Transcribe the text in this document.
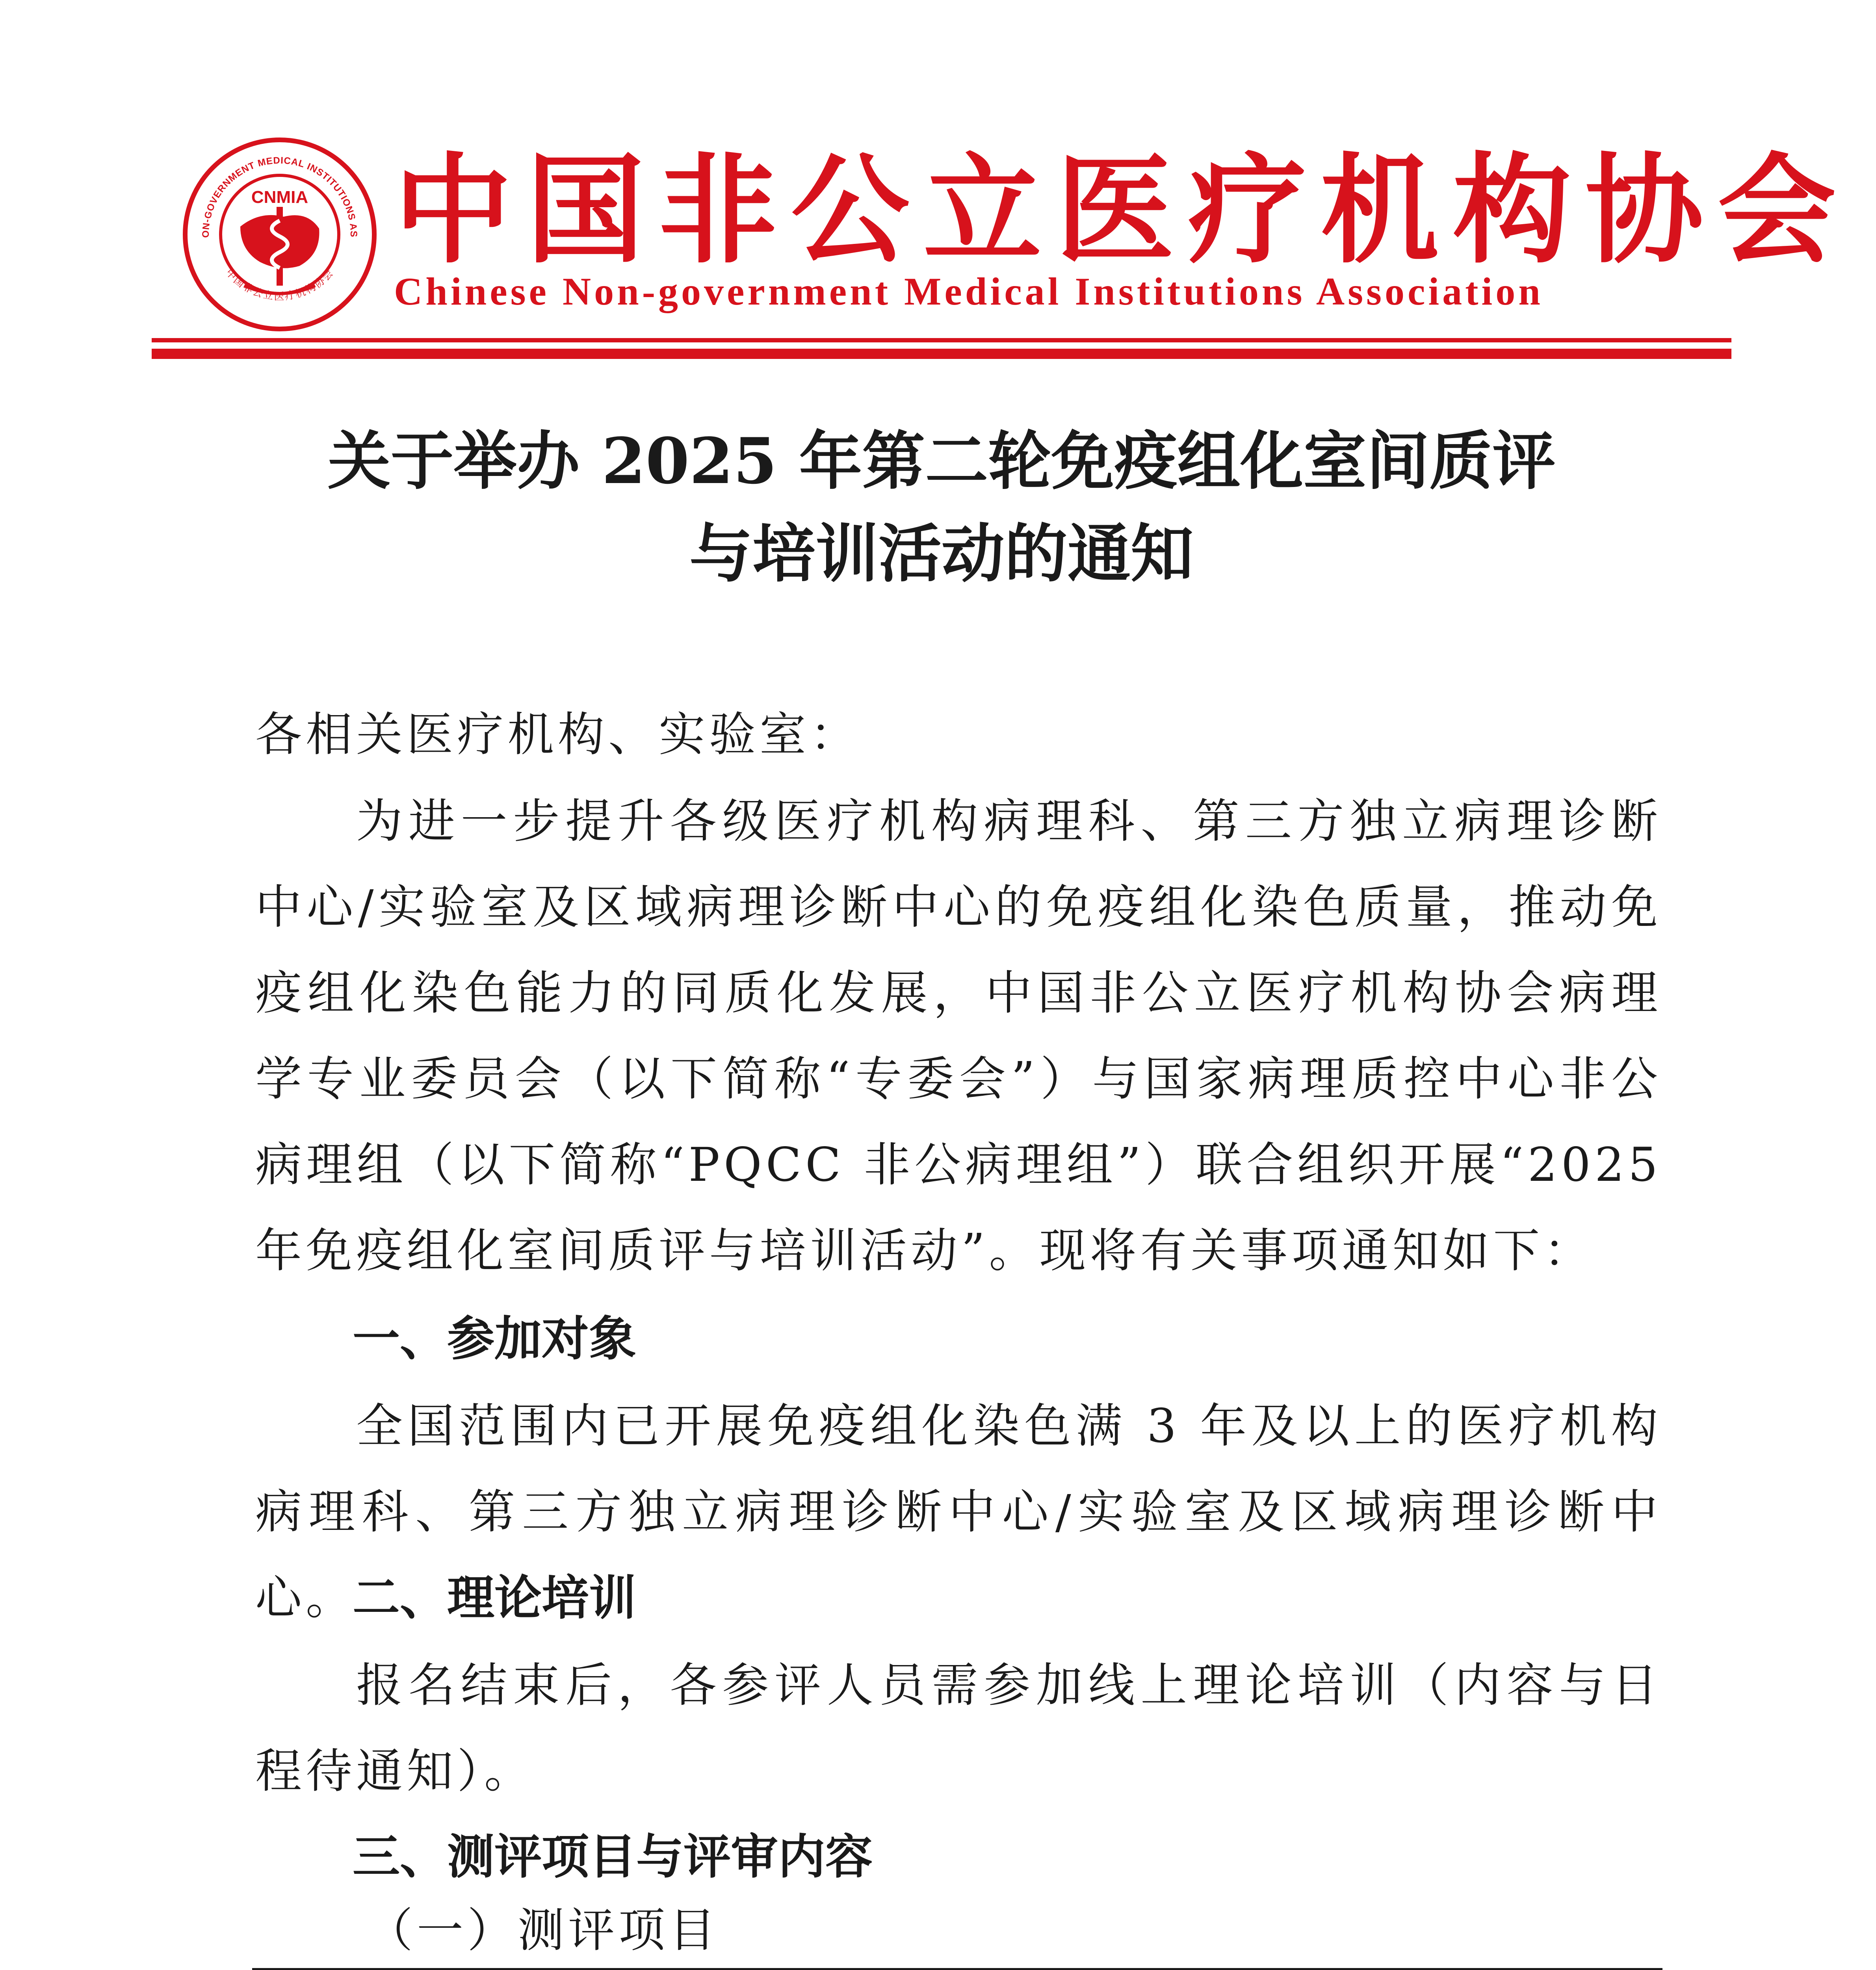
ON-GOVERNMENT MEDICAL INSTITUTIONS AS
中国非公立医疗机构协会
CNMIA 中国非公立医疗机构协会
Chinese Non-government Medical Institutions Association
关于举办 2025 年第二轮免疫组化室间质评
与培训活动的通知

各相关医疗机构、实验室：

为进一步提升各级医疗机构病理科、第三方独立病理诊断中心/实验室及区域病理诊断中心的免疫组化染色质量，推动免疫组化染色能力的同质化发展，中国非公立医疗机构协会病理学专业委员会（以下简称“专委会”）与国家病理质控中心非公病理组（以下简称“PQCC 非公病理组”）联合组织开展“2025 年免疫组化室间质评与培训活动”。现将有关事项通知如下：

一、参加对象

全国范围内已开展免疫组化染色满 3 年及以上的医疗机构病理科、第三方独立病理诊断中心/实验室及区域病理诊断中心。

二、理论培训

报名结束后，各参评人员需参加线上理论培训（内容与日程待通知）。

三、测评项目与评审内容

（一）测评项目
